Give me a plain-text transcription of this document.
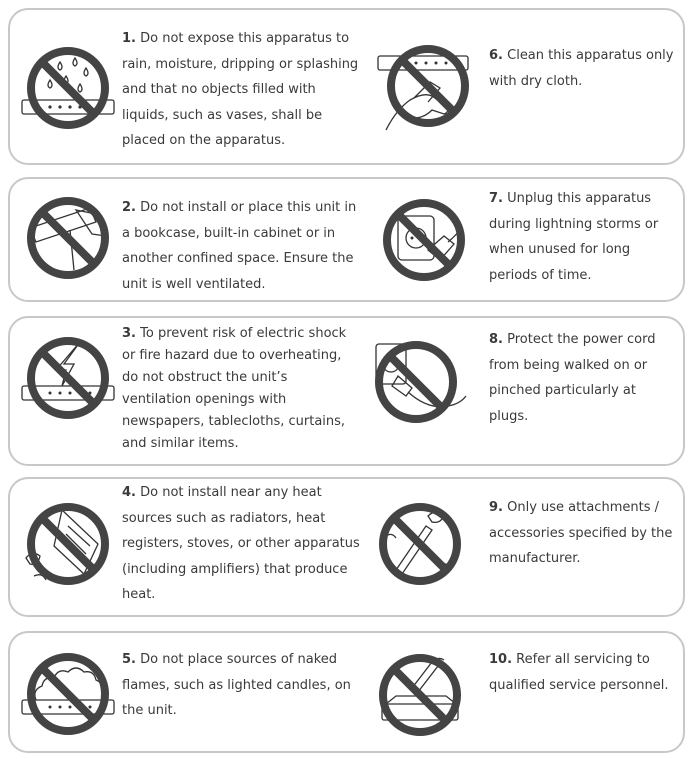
1. Do not expose this apparatus to rain, moisture, dripping or splashing and that no objects filled with liquids, such as vases, shall be placed on the apparatus.
6. Clean this apparatus only with dry cloth.
2. Do not install or place this unit in a bookcase, built-in cabinet or in another confined space. Ensure the unit is well ventilated.
7. Unplug this apparatus during lightning storms or when unused for long periods of time.
3. To prevent risk of electric shock or fire hazard due to overheating, do not obstruct the unit’s ventilation openings with newspapers, tablecloths, curtains, and similar items.
8. Protect the power cord from being walked on or pinched particularly at plugs.
4. Do not install near any heat sources such as radiators, heat registers, stoves, or other apparatus (including amplifiers) that produce heat.
9. Only use attachments / accessories specified by the manufacturer.
5. Do not place sources of naked flames, such as lighted candles, on the unit.
10. Refer all servicing to qualified service personnel.
